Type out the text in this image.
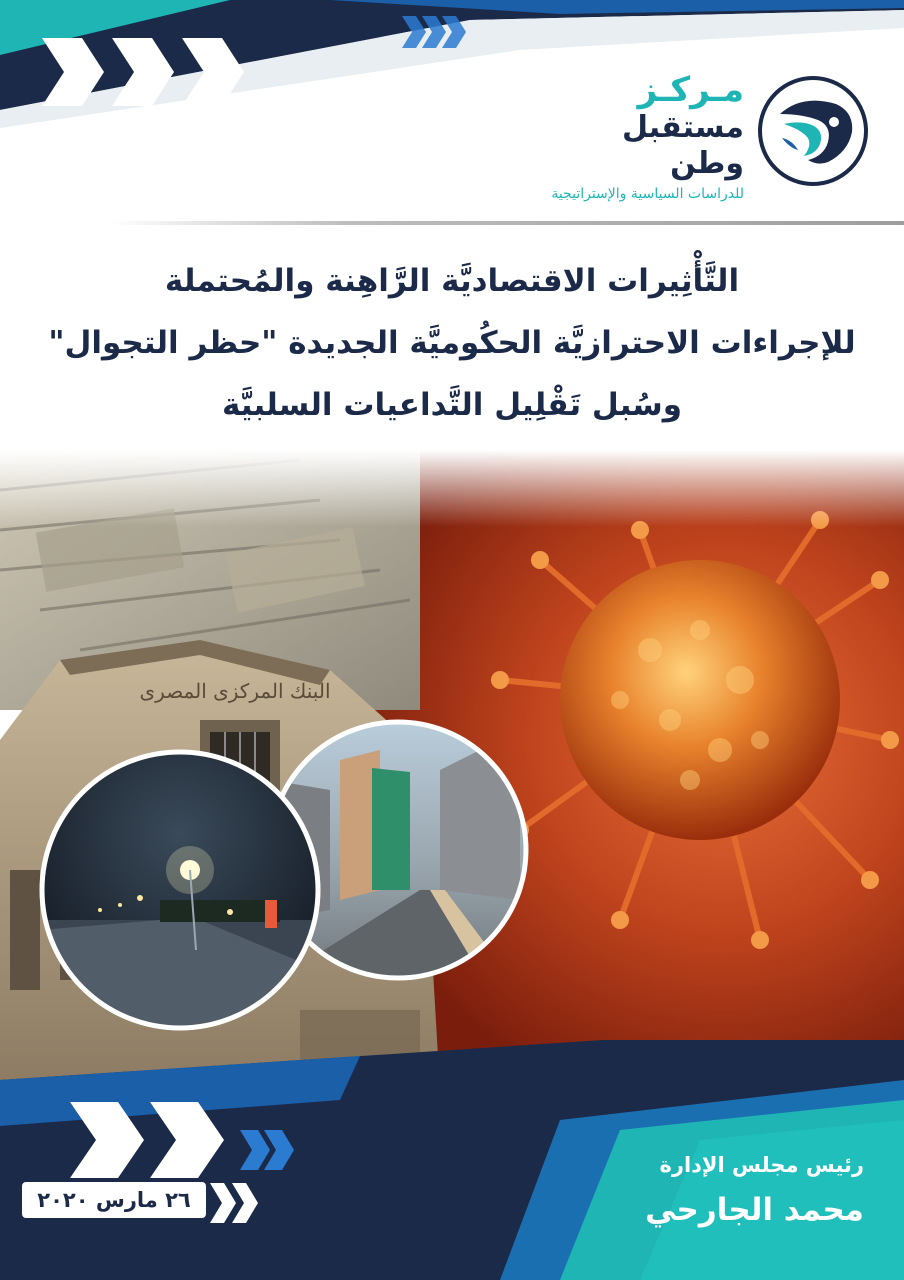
مـركـز
مستقبل وطن
للدراسات السياسية والإستراتيجية
التَّأْثِيرات الاقتصاديَّة الرَّاهِنة والمُحتملة
للإجراءات الاحترازيَّة الحكُوميَّة الجديدة "حظر التجوال"
وسُبل تَقْلِيل التَّداعيات السلبيَّة
رئيس مجلس الإدارة
محمد الجارحي
٢٦ مارس ٢٠٢٠
